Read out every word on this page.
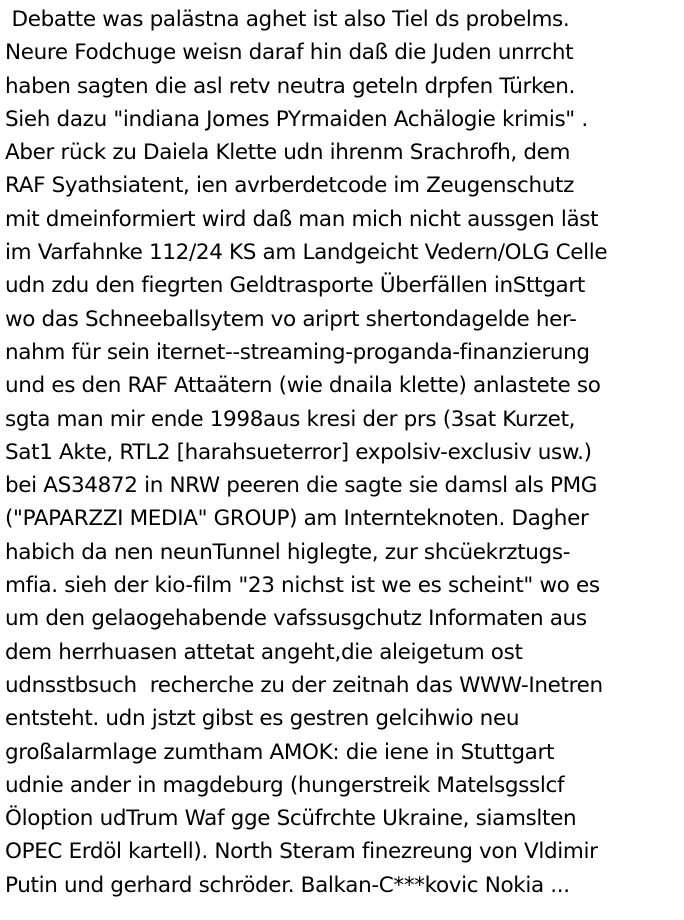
Debatte was palästna aghet ist also Tiel ds probelms.
Neure Fodchuge weisn daraf hin daß die Juden unrrcht
haben sagten die asl retv neutra geteln drpfen Türken.
Sieh dazu "indiana Jomes PYrmaiden Achälogie krimis" .
Aber rück zu Daiela Klette udn ihrenm Srachrofh, dem
RAF Syathsiatent, ien avrberdetcode im Zeugenschutz
mit dmeinformiert wird daß man mich nicht aussgen läst
im Varfahnke 112/24 KS am Landgeicht Vedern/OLG Celle
udn zdu den fiegrten Geldtrasporte Überfällen inSttgart
wo das Schneeballsytem vo ariprt shertondagelde her-
nahm für sein iternet--streaming-proganda-finanzierung
und es den RAF Attaätern (wie dnaila klette) anlastete so
sgta man mir ende 1998aus kresi der prs (3sat Kurzet,
Sat1 Akte, RTL2 [harahsueterror] expolsiv-exclusiv usw.)
bei AS34872 in NRW peeren die sagte sie damsl als PMG
("PAPARZZI MEDIA" GROUP) am Internteknoten. Dagher
habich da nen neunTunnel higlegte, zur shcüekrztugs-
mfia. sieh der kio-film "23 nichst ist we es scheint" wo es
um den gelaogehabende vafssusgchutz Informaten aus
dem herrhuasen attetat angeht,die aleigetum ost
udnsstbsuch  recherche zu der zeitnah das WWW-Inetren
entsteht. udn jstzt gibst es gestren gelcihwio neu
großalarmlage zumtham AMOK: die iene in Stuttgart
udnie ander in magdeburg (hungerstreik Matelsgsslcf
Öloption udTrum Waf gge Scüfrchte Ukraine, siamslten
OPEC Erdöl kartell). North Steram finezreung von Vldimir
Putin und gerhard schröder. Balkan-C***kovic Nokia ...
